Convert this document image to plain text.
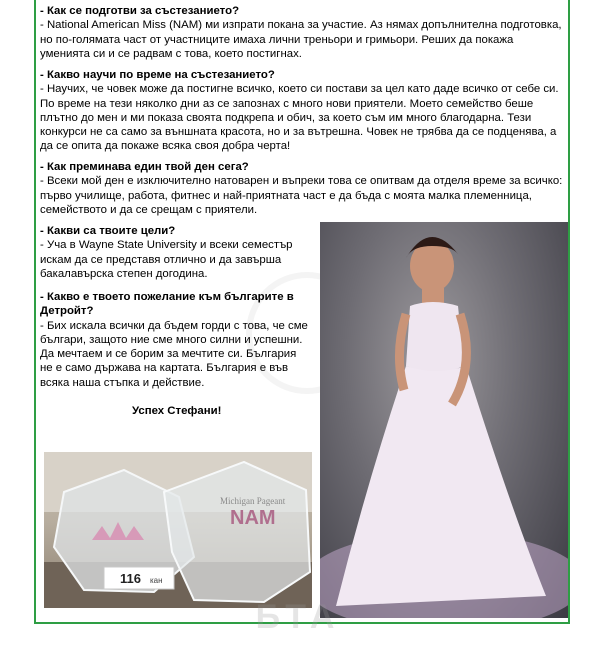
- Как се подготви за състезанието?
- National American Miss (NAM) ми изпрати покана за участие. Аз нямах допълнителна подготовка, но по-голямата част от участниците имаха лични треньори и гримьори. Реших да покажа уменията си и се радвам с това, което постигнах.
- Какво научи по време на състезанието?
- Научих, че човек може да постигне всичко, което си постави за цел като даде всичко от себе си. По време на тези няколко дни аз се запознах с много нови приятели. Моето семейство беше плътно до мен и ми показа своята подкрепа и обич, за което съм им много благодарна. Тези конкурси не са само за външната красота, но и за вътрешна. Човек не трябва да се подценява, а да се опита да покаже всяка своя добра черта!
- Как преминава един твой ден сега?
- Всеки мой ден е изключително натоварен и въпреки това се опитвам да отделя време за всичко: първо училище, работа, фитнес и най-приятната част е да бъда с моята малка племенница, семейството и да се срещам с приятели.
- Какви са твоите цели?
- Уча в Wayne State University и всеки семестър искам да се представя отлично и да завърша бакалавърска степен догодина.
- Какво е твоето пожелание към българите в Детройт?
- Бих искала всички да бъдем горди с това, че сме българи, защото ние сме много силни и успешни. Да мечтаем и се борим за мечтите си. България не е само държава на картата. България е във всяка наша стъпка и действие.
Успех Стефани!
116 кан
NAM
Michigan Pageant
БТА
